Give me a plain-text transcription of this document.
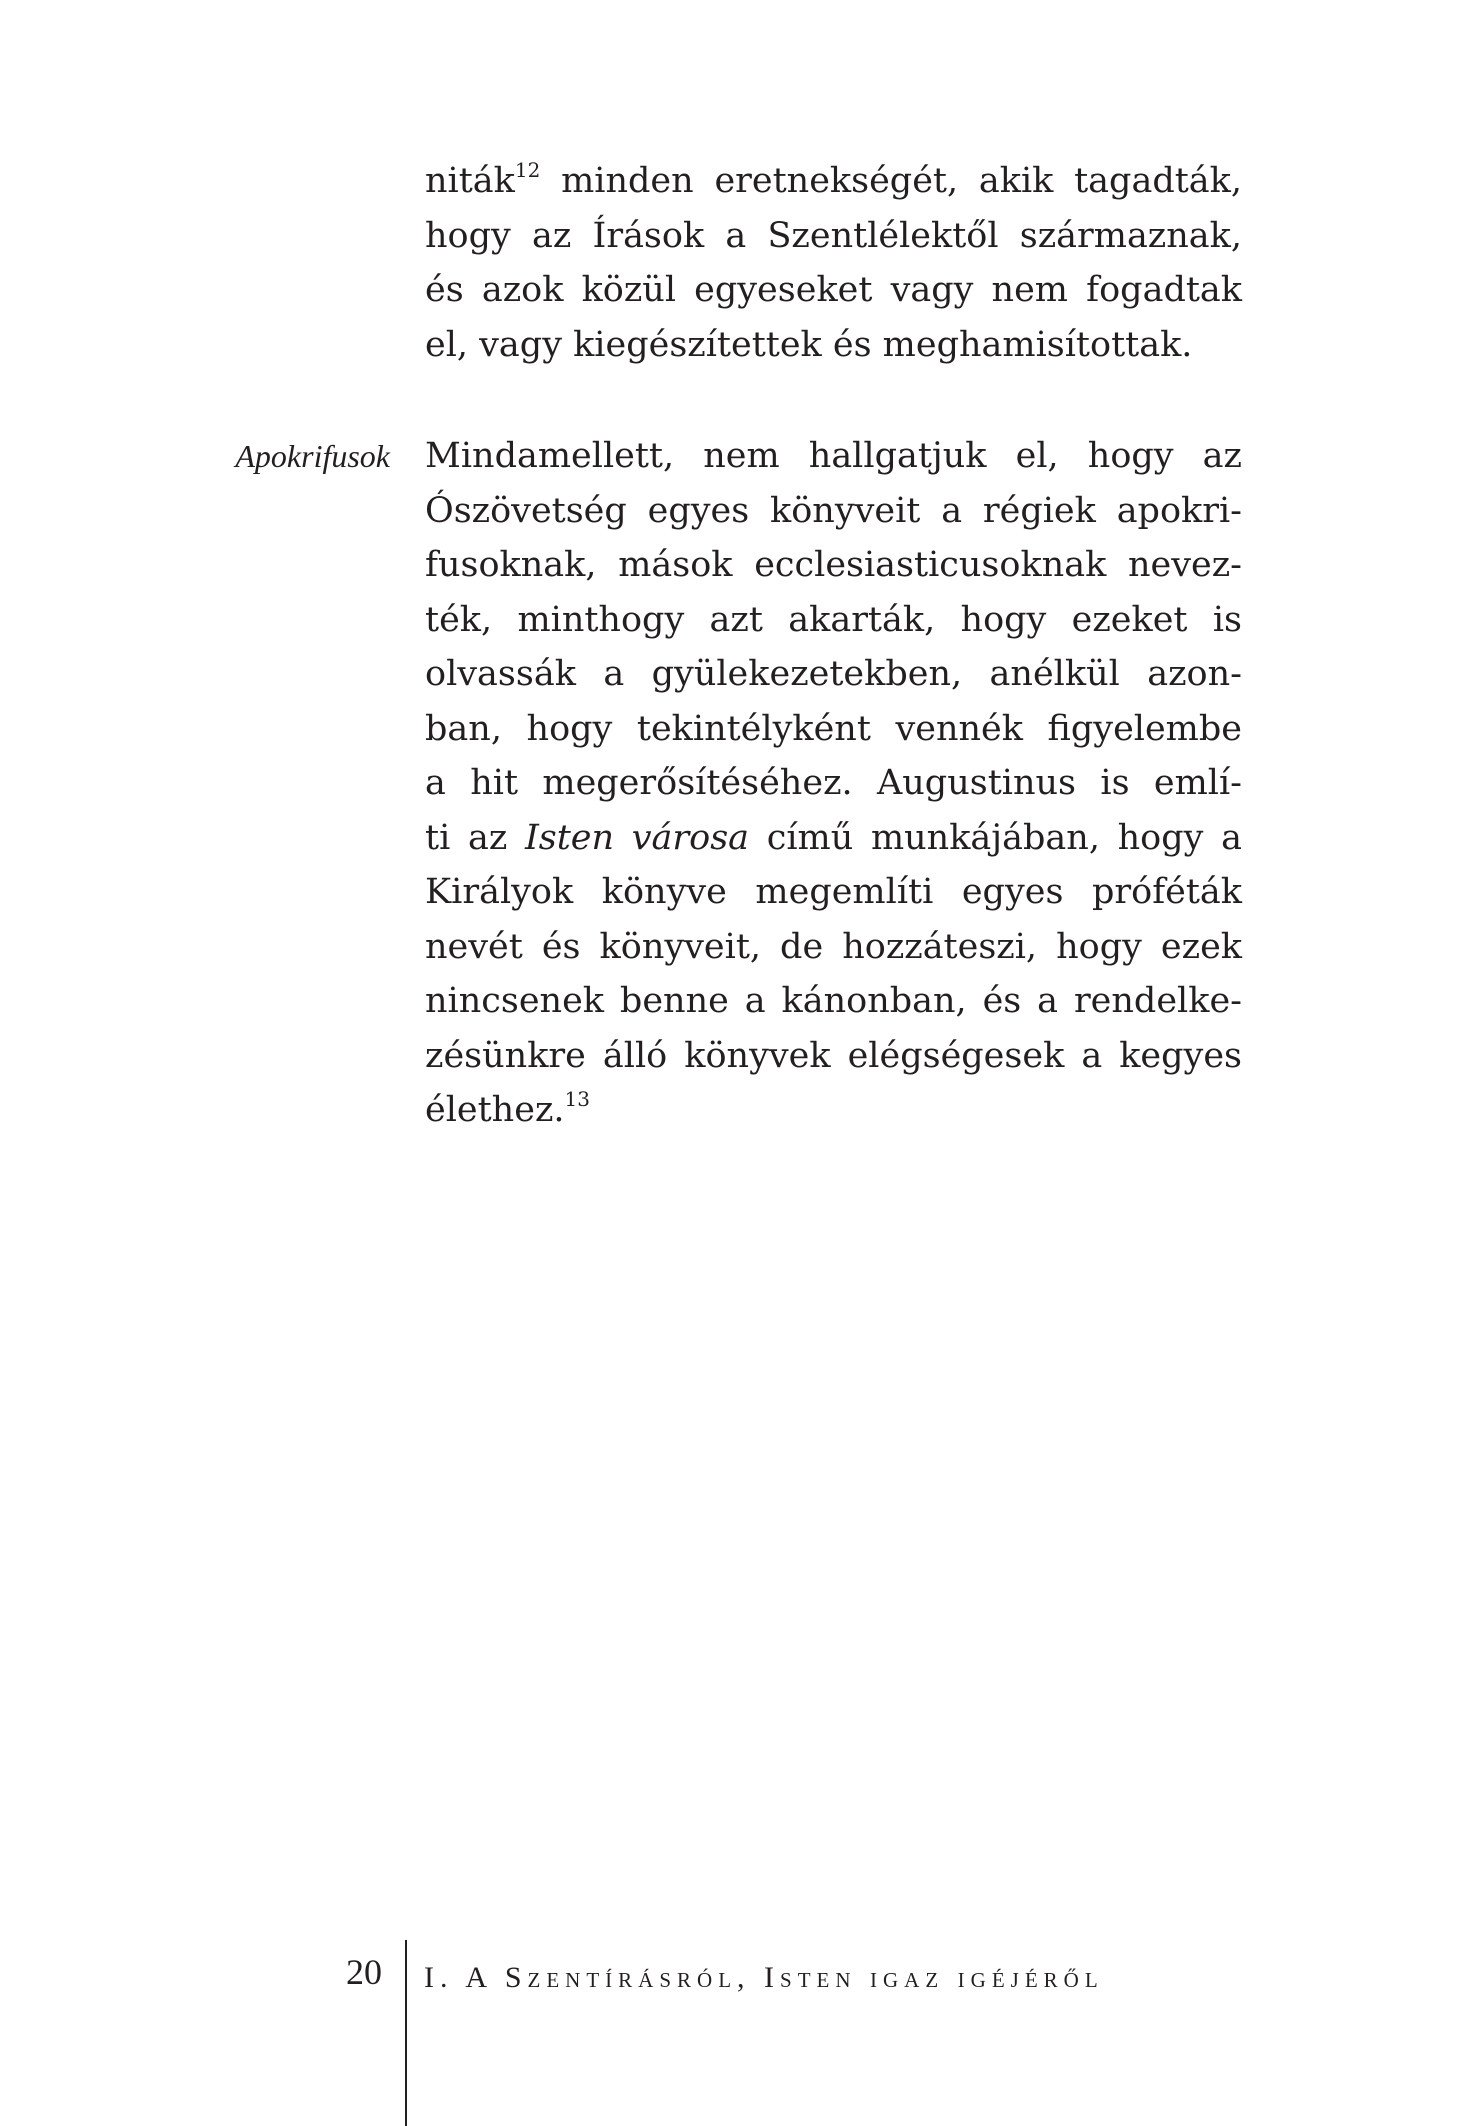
niták$^{12}$ minden eretnekségét, akik tagadták,
hogy az Írások a Szentlélektől származnak,
és azok közül egyeseket vagy nem fogadtak
el, vagy kiegészítettek és meghamisítottak.
Apokrifusok Mindamellett, nem hallgatjuk el, hogy az
Ószövetség egyes könyveit a régiek apokri-
fusoknak, mások ecclesiasticusoknak nevez-
ték, minthogy azt akarták, hogy ezeket is
olvassák a gyülekezetekben, anélkül azon-
ban, hogy tekintélyként vennék figyelembe
a hit megerősítéséhez. Augustinus is emlí-
ti az Isten városa című munkájában, hogy a
Királyok könyve megemlíti egyes próféták
nevét és könyveit, de hozzáteszi, hogy ezek
nincsenek benne a kánonban, és a rendelke-
zésünkre álló könyvek elégségesek a kegyes
élethez.$^{13}$
20 I. A Szentírásról, Isten igaz igéjéről
